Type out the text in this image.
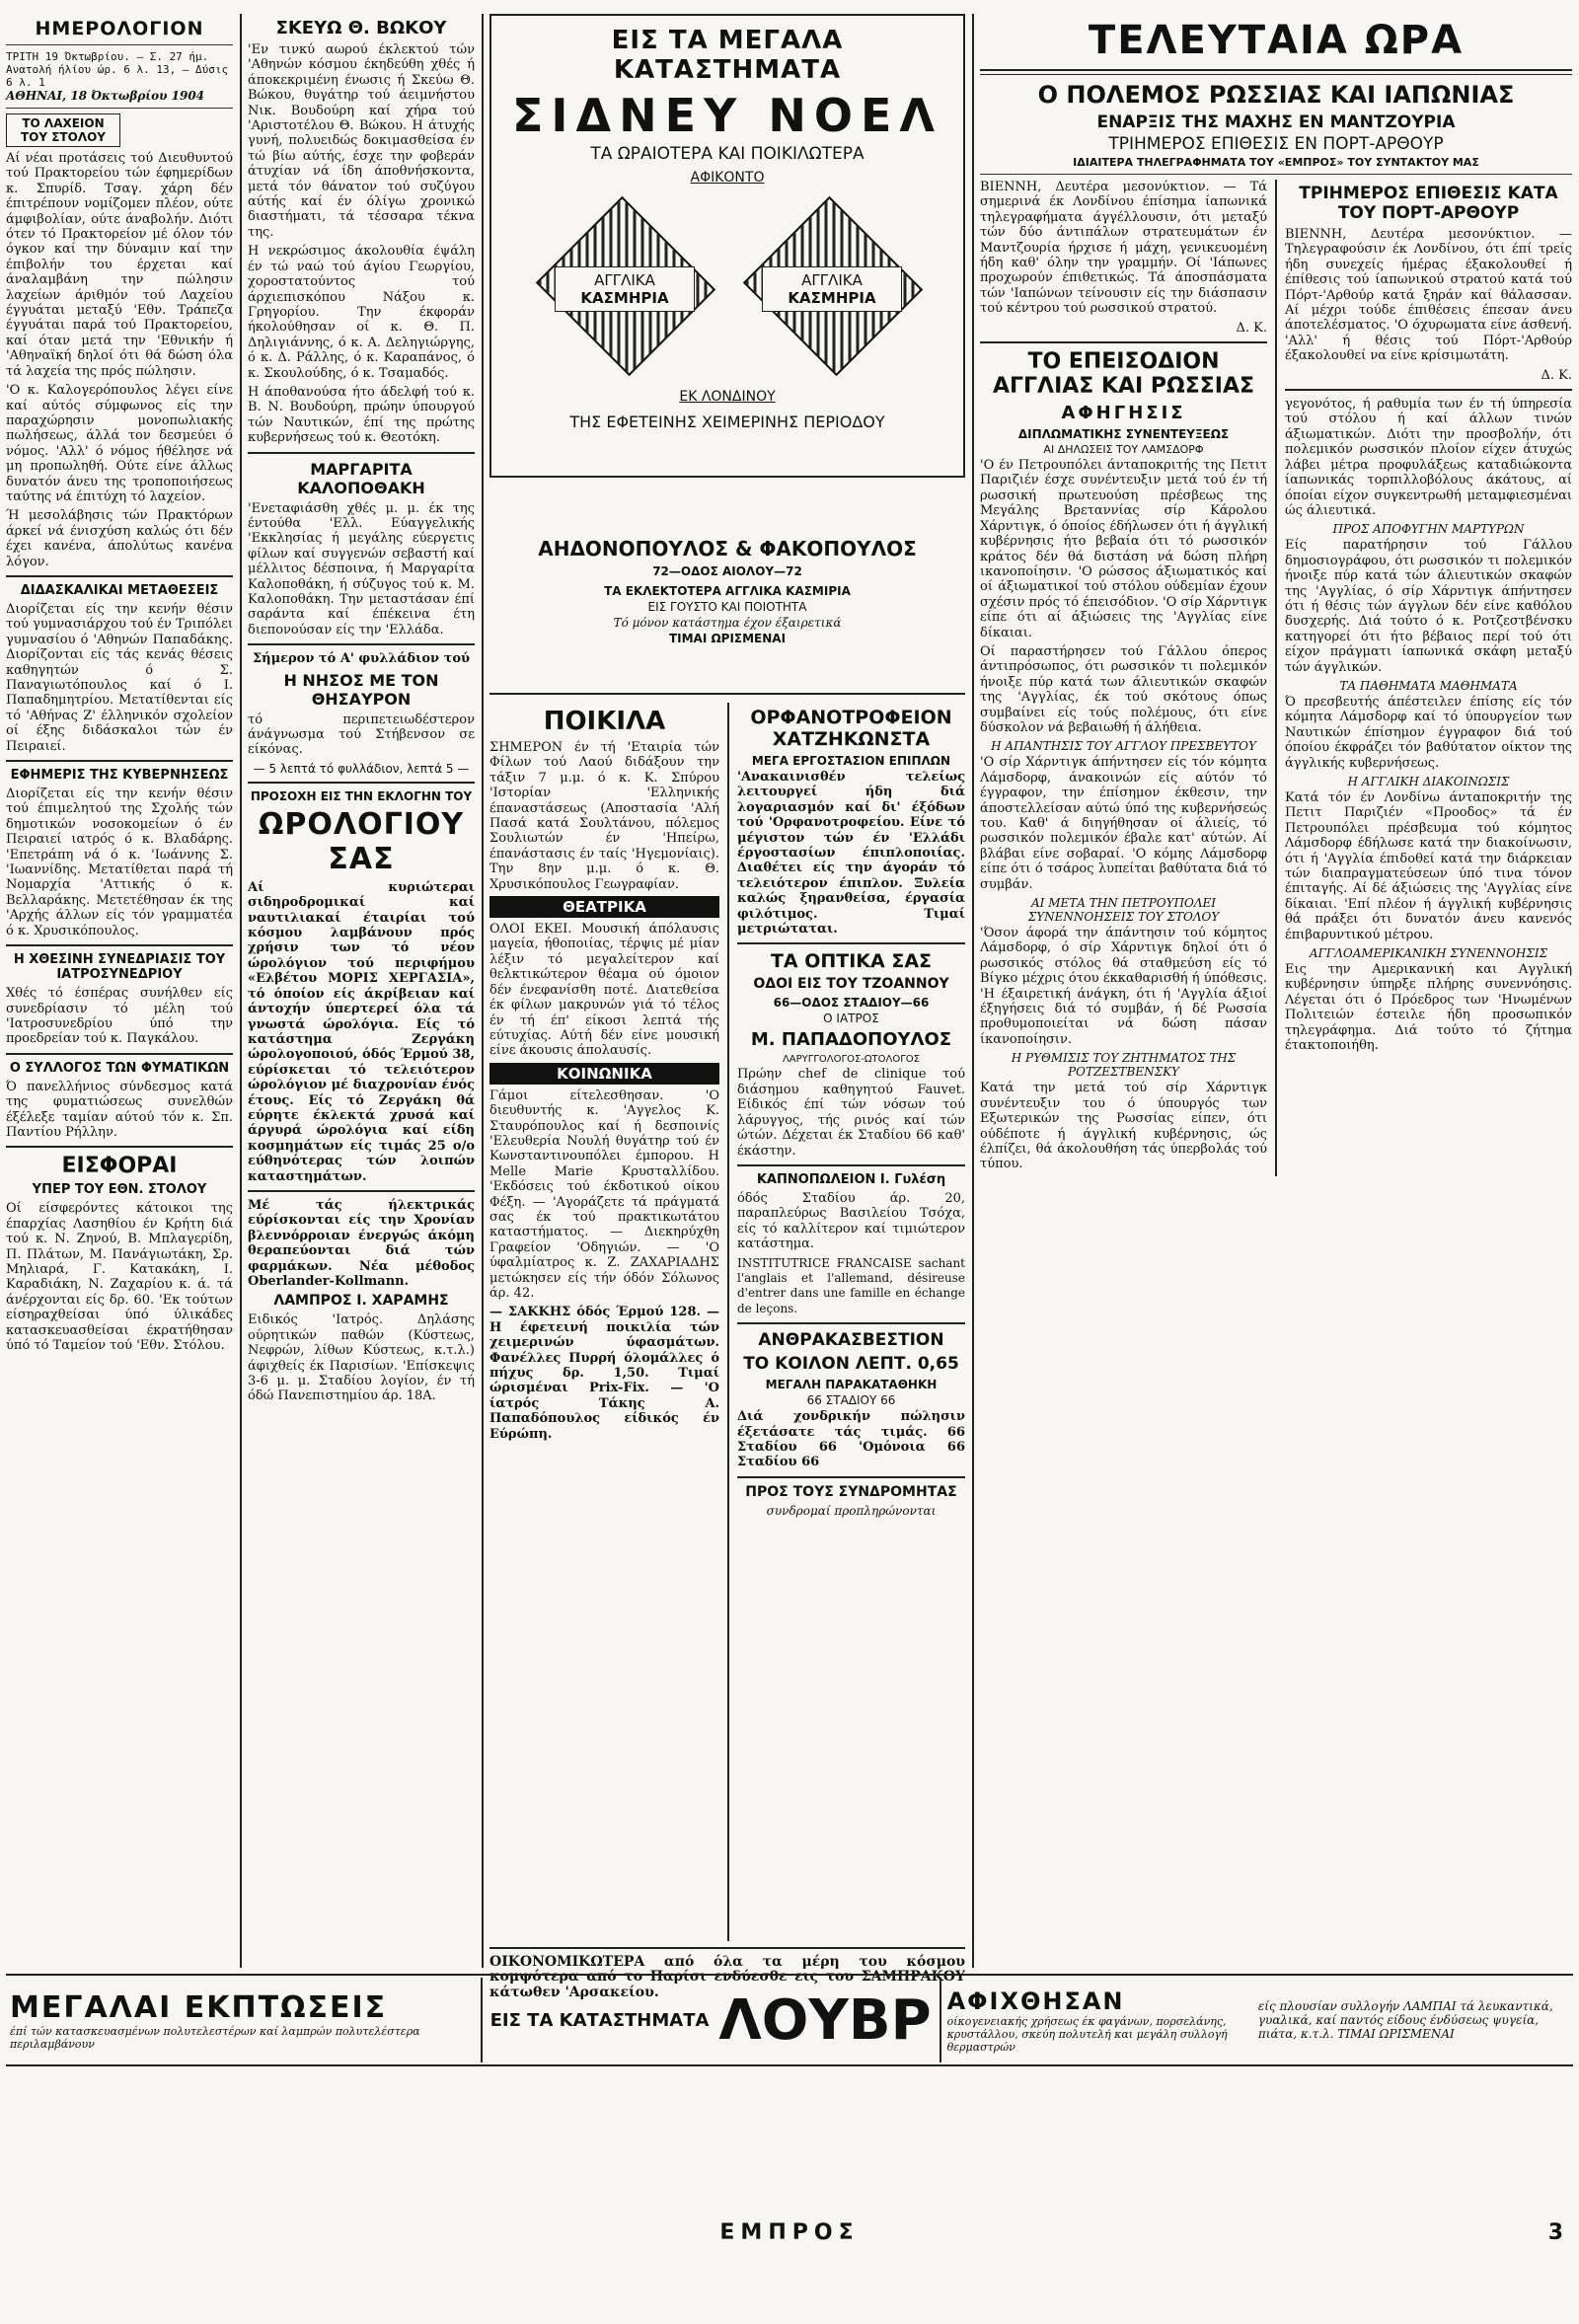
ΗΜΕΡΟΛΟΓΙΟΝ
ΤΡΙΤΗ 19 Όκτωβρίου. — Σ. 27 ήμ.
Ανατολή ήλίου ώρ. 6 λ. 13, — Δύσις 6 λ. 1
ΑΘΗΝΑΙ, 18 Όκτωβρίου 1904
ΤΟ ΛΑΧΕΙΟΝ ΤΟΥ ΣΤΟΛΟΥ

Αί νέαι προτάσεις τού Διευθυντού τού Πρακτορείου τών έφημερίδων κ. Σπυρίδ. Τσαγ. χάρη δέν έπιτρέπουν νομίζομεν πλέον, ούτε άμφιβολίαν, ούτε άναβολήν. Διότι ότεν τό Πρακτορείον μέ όλον τόν όγκον καί την δύναμιν καί την έπιβολήν του έρχεται καί άναλαμβάνη την πώλησιν λαχείων άριθμόν τού Λαχείου έγγυάται μεταξύ 'Εθν. Τράπεζα έγγυάται παρά τού Πρακτορείου, καί όταν μετά την 'Εθνικήν ή 'Αθηναϊκή δηλοί ότι θά δώση όλα τά λαχεία της πρός πώλησιν.

'Ο κ. Καλογερόπουλος λέγει είνε καί αύτός σύμφωνος είς την παραχώρησιν μονοπωλιακής πωλήσεως, άλλά τον δεσμεύει ό νόμος. 'Αλλ' ό νόμος ήθέλησε νά μη προπωληθή. Ούτε είνε άλλως δυνατόν άνευ της τροποποιήσεως ταύτης νά έπιτύχη τό λαχείον.

Ή μεσολάβησις τών Πρακτόρων άρκεί νά ένισχύση καλώς ότι δέν έχει κανένα, άπολύτως κανένα λόγον.

ΔΙΔΑΣΚΑΛΙΚΑΙ ΜΕΤΑΘΕΣΕΙΣ

Διορίζεται είς την κενήν θέσιν τού γυμνασιάρχου τού έν Τριπόλει γυμνασίου ό 'Αθηνών Παπαδάκης. Διορίζονται είς τάς κενάς θέσεις καθηγητών ό Σ. Παναγιωτόπουλος καί ό Ι. Παπαδημητρίου. Μετατίθενται είς τό 'Αθήνας Ζ' έλληνικόν σχολείον οί έξης διδάσκαλοι τών έν Πειραιεί.

ΕΦΗΜΕΡΙΣ ΤΗΣ ΚΥΒΕΡΝΗΣΕΩΣ

Διορίζεται είς την κενήν θέσιν τού έπιμελητού της Σχολής τών δημοτικών νοσοκομείων ό έν Πειραιεί ιατρός ό κ. Βλαδάρης. 'Επετράπη νά ό κ. 'Ιωάννης Σ. 'Ιωαννίδης. Μετατίθεται παρά τή Νομαρχία 'Αττικής ό κ. Βελλαράκης. Μετετέθησαν έκ της 'Αρχής άλλων είς τόν γραμματέα ό κ. Χρυσικόπουλος.

Η ΧΘΕΣΙΝΗ ΣΥΝΕΔΡΙΑΣΙΣ ΤΟΥ ΙΑΤΡΟΣΥΝΕΔΡΙΟΥ

Χθές τό έσπέρας συνήλθεν είς συνεδρίασιν τό μέλη τού 'Ιατροσυνεδρίου ύπό την προεδρείαν τού κ. Παγκάλου.

Ο ΣΥΛΛΟΓΟΣ ΤΩΝ ΦΥΜΑΤΙΚΩΝ

Ό πανελλήνιος σύνδεσμος κατά της φυματιώσεως συνελθών έξέλεξε ταμίαν αύτού τόν κ. Σπ. Παντίου Ρήλλην.

ΕΙΣΦΟΡΑΙ
ΥΠΕΡ ΤΟΥ ΕΘΝ. ΣΤΟΛΟΥ

Οί είσφερόντες κάτοικοι της έπαρχίας Λασηθίου έν Κρήτη διά τού κ. Ν. Ζηνού, Β. Μπλαγερίδη, Π. Πλάτων, Μ. Πανάγιωτάκη, Σρ. Μηλιαρά, Γ. Κατακάκη, Ι. Καραδιάκη, Ν. Ζαχαρίου κ. ά. τά άνέρχονται είς δρ. 60. 'Εκ τούτων είσηραχθείσαι ύπό ύλικάδες κατασκευασθείσαι έκρατήθησαν ύπό τό Ταμείον τού 'Εθν. Στόλου.

ΣΚΕΥΩ Θ. ΒΩΚΟΥ

'Εν τινκύ αωρού έκλεκτού τών 'Αθηνών κόσμου έκηδεύθη χθές ή άποκεκριμένη ένωσις ή Σκεύω Θ. Βώκου, θυγάτηρ τού άειμνήστου Νικ. Βουδούρη καί χήρα τού 'Αριστοτέλου Θ. Βώκου. Η άτυχής γυνή, πολυειδώς δοκιμασθείσα έν τώ βίω αύτής, έσχε την φοβεράν άτυχίαν νά ίδη άποθνήσκοντα, μετά τόν θάνατον τού συζύγου αύτής καί έν όλίγω χρονικώ διαστήματι, τά τέσσαρα τέκνα της.

Η νεκρώσιμος άκολουθία έψάλη έν τώ ναώ τού άγίου Γεωργίου, χοροστατούντος τού άρχιεπισκόπου Νάξου κ. Γρηγορίου. Την έκφοράν ήκολούθησαν οί κ. Θ. Π. Δηλιγιάννης, ό κ. Α. Δεληγιώργης, ό κ. Δ. Ράλλης, ό κ. Καραπάνος, ό κ. Σκουλούδης, ό κ. Τσαμαδός.

Η άποθανούσα ήτο άδελφή τού κ. Β. Ν. Βουδούρη, πρώην ύπουργού τών Ναυτικών, έπί της πρώτης κυβερνήσεως τού κ. Θεοτόκη.

ΜΑΡΓΑΡΙΤΑ ΚΑΛΟΠΟΘΑΚΗ

'Ενεταφιάσθη χθές μ. μ. έκ της έντούθα 'Ελλ. Εύαγγελικής 'Εκκλησίας ή μεγάλης εύεργετις φίλων καί συγγενών σεβαστή καί μέλλιτος δέσποινα, ή Μαργαρίτα Καλοποθάκη, ή σύζυγος τού κ. Μ. Καλοποθάκη. Την μεταστάσαν έπί σαράντα καί έπέκεινα έτη διεπονούσαν είς την 'Ελλάδα.

Σήμερον τό Α' φυλλάδιον τού

Η ΝΗΣΟΣ ΜΕ ΤΟΝ ΘΗΣΑΥΡΟΝ

τό περιπετειωδέστερον άνάγνωσμα τού Στήβενσον σε είκόνας.

— 5 λεπτά τό φυλλάδιον, λεπτά 5 —
ΠΡΟΣΟΧΗ ΕΙΣ ΤΗΝ ΕΚΛΟΓΗΝ ΤΟΥ
ΩΡΟΛΟΓΙΟΥ ΣΑΣ

Αί κυριώτεραι σιδηροδρομικαί καί ναυτιλιακαί έταιρίαι τού κόσμου λαμβάνουν πρός χρήσιν των τό νέον ώρολόγιον τού περιφήμου «Ελβέτου ΜΟΡΙΣ ΧΕΡΓΑΣΙΑ», τό όποίον είς άκρίβειαν καί άντοχήν ύπερτερεί όλα τά γνωστά ώρολόγια. Είς τό κατάστημα Ζεργάκη ώρολογοποιού, όδός Έρμού 38, εύρίσκεται τό τελειότερον ώρολόγιον μέ διαχρονίαν ένός έτους. Είς τό Ζεργάκη θά εύρητε έκλεκτά χρυσά καί άργυρά ώρολόγια καί είδη κοσμημάτων είς τιμάς 25 ο/ο εύθηνότερας τών λοιπών καταστημάτων.

Μέ τάς ήλεκτρικάς εύρίσκονται είς την Χρονίαν βλεννόρροιαν ένεργώς άκόμη θεραπεύονται διά τών φαρμάκων. Νέα μέθοδος Oberlander-Kollmann.

ΛΑΜΠΡΟΣ Ι. ΧΑΡΑΜΗΣ

Ειδικός 'Ιατρός. Δηλάσης ούρητικών παθών (Κύστεως, Νεφρών, λίθων Κύστεως, κ.τ.λ.) άφιχθείς έκ Παρισίων. 'Επίσκεψις 3-6 μ. μ. Σταδίου λογίον, έν τή όδώ Πανεπιστημίου άρ. 18Α.

ΕΙΣ ΤΑ ΜΕΓΑΛΑ ΚΑΤΑΣΤΗΜΑΤΑ
ΣΙΔΝΕΥ ΝΟΕΛ
ΤΑ ΩΡΑΙΟΤΕΡΑ ΚΑΙ ΠΟΙΚΙΛΩΤΕΡΑ
ΑΦΙΚΟΝΤΟ
ΑΓΓΛΙΚΑ
ΚΑΣΜΗΡΙΑ
ΑΓΓΛΙΚΑ
ΚΑΣΜΗΡΙΑ
ΕΚ ΛΟΝΔΙΝΟΥ
ΤΗΣ ΕΦΕΤΕΙΝΗΣ ΧΕΙΜΕΡΙΝΗΣ ΠΕΡΙΟΔΟΥ
ΑΗΔΟΝΟΠΟΥΛΟΣ & ΦΑΚΟΠΟΥΛΟΣ
72—ΟΔΟΣ ΑΙΟΛΟΥ—72
ΤΑ ΕΚΛΕΚΤΟΤΕΡΑ ΑΓΓΛΙΚΑ ΚΑΣΜΙΡΙΑ
ΕΙΣ ΓΟΥΣΤΟ ΚΑΙ ΠΟΙΟΤΗΤΑ
Τό μόνον κατάστημα έχον έξαιρετικά
ΤΙΜΑΙ ΩΡΙΣΜΕΝΑΙ
ΠΟΙΚΙΛΑ

ΣΗΜΕΡΟΝ έν τή 'Εταιρία τών Φίλων τού Λαού διδάξουν την τάξιν 7 μ.μ. ό κ. Κ. Σπύρου 'Ιστορίαν 'Ελληνικής έπαναστάσεως (Αποστασία 'Αλή Πασά κατά Σουλτάνου, πόλεμος Σουλιωτών έν 'Ηπείρω, έπανάστασις έν ταίς 'Ηγεμονίαις). Την 8ην μ.μ. ό κ. Θ. Χρυσικόπουλος Γεωγραφίαν.

ΘΕΑΤΡΙΚΑ

ΟΛΟΙ ΕΚΕΙ. Μουσική άπόλαυσις μαγεία, ήθοποιίας, τέρψις μέ μίαν λέξιν τό μεγαλείτερον καί θελκτικώτερον θέαμα ού όμοιον δέν ένεφανίσθη ποτέ. Διατεθείσα έκ φίλων μακρυνών γιά τό τέλος έν τή έπ' είκοσι λεπτά τής εύτυχίας. Αύτή δέν είνε μουσική είνε άκουσις άπολαυσίς.

ΚΟΙΝΩΝΙΚΑ

Γάμοι είτελεσθησαν. 'Ο διευθυντής κ. 'Αγγελος Κ. Σταυρόπουλος καί ή δεσποινίς 'Ελευθερία Νουλή θυγάτηρ τού έν Κωνσταντινουπόλει έμπορου. Η Melle Marie Κρυσταλλίδου. 'Εκδόσεις τού έκδοτικού οίκου Φέξη. — 'Αγοράζετε τά πράγματά σας έκ τού πρακτικωτάτου καταστήματος. — Διεκηρύχθη Γραφείον 'Οδηγιών. — 'Ο ύφαλμίατρος κ. Ζ. ΖΑΧΑΡΙΑΔΗΣ μετώκησεν είς τήν όδόν Σόλωνος άρ. 42.

— ΣΑΚΚΗΣ όδός Έρμού 128. — Η έφετεινή ποικιλία τών χειμερινών ύφασμάτων. Φανέλλες Πυρρή όλομάλλες ό πήχυς δρ. 1,50. Τιμαί ώρισμέναι Prix-Fix. — 'Ο ίατρός Τάκης Α. Παπαδόπουλος είδικός έν Εύρώπη.

ΟΡΦΑΝΟΤΡΟΦΕΙΟΝ ΧΑΤΖΗΚΩΝΣΤΑ
ΜΕΓΑ ΕΡΓΟΣΤΑΣΙΟΝ ΕΠΙΠΛΩΝ

'Ανακαινισθέν τελείως λειτουργεί ήδη διά λογαριασμόν καί δι' έξόδων τού 'Ορφανοτροφείου. Είνε τό μέγιστον τών έν 'Ελλάδι έργοστασίων έπιπλοποιίας. Διαθέτει είς την άγοράν τό τελειότερον έπιπλον. Ξυλεία καλώς ξηρανθείσα, έργασία φιλότιμος. Τιμαί μετριώταται.

ΤΑ ΟΠΤΙΚΑ ΣΑΣ
ΟΔΟΙ ΕΙΣ ΤΟΥ ΤΖΟΑΝΝΟΥ
66—ΟΔΟΣ ΣΤΑΔΙΟΥ—66
Ο ΙΑΤΡΟΣ
Μ. ΠΑΠΑΔΟΠΟΥΛΟΣ
ΛΑΡΥΓΓΟΛΟΓΟΣ-ΩΤΟΛΟΓΟΣ

Πρώην chef de clinique τού διάσημου καθηγητού Fauvet. Είδικός έπί τών νόσων τού λάρυγγος, τής ρινός καί τών ώτών. Δέχεται έκ Σταδίου 66 καθ' έκάστην.

ΚΑΠΝΟΠΩΛΕΙΟΝ Ι. Γυλέση

όδός Σταδίου άρ. 20, παραπλεύρως Βασιλείου Τσόχα, είς τό καλλίτερον καί τιμιώτερον κατάστημα.

INSTITUTRICE FRANCAISE sachant l'anglais et l'allemand, désireuse d'entrer dans une famille en échange de leçons.

ΑΝΘΡΑΚΑΣΒΕΣΤΙΟΝ
ΤΟ ΚΟΙΛΟΝ ΛΕΠΤ. 0,65
ΜΕΓΑΛΗ ΠΑΡΑΚΑΤΑΘΗΚΗ
66 ΣΤΑΔΙΟΥ 66

Διά χονδρικήν πώλησιν έξετάσατε τάς τιμάς. 66 Σταδίου 66 'Ομόνοια 66 Σταδίου 66

ΠΡΟΣ ΤΟΥΣ ΣΥΝΔΡΟΜΗΤΑΣ
συνδρομαί προπληρώνονται

ΟΙΚΟΝΟΜΙΚΩΤΕΡΑ από όλα τα μέρη του κόσμου κομψότερα από το Παρίσι ενδύεσθε εις του ΣΑΜΠΡΑΚΟΥ κάτωθεν 'Αρσακείου.

ΤΕΛΕΥΤΑΙΑ ΩΡΑ
Ο ΠΟΛΕΜΟΣ ΡΩΣΣΙΑΣ ΚΑΙ ΙΑΠΩΝΙΑΣ
ΕΝΑΡΞΙΣ ΤΗΣ ΜΑΧΗΣ ΕΝ ΜΑΝΤΖΟΥΡΙΑ
ΤΡΙΗΜΕΡΟΣ ΕΠΙΘΕΣΙΣ ΕΝ ΠΟΡΤ-ΑΡΘΟΥΡ
ΙΔΙΑΙΤΕΡΑ ΤΗΛΕΓΡΑΦΗΜΑΤΑ ΤΟΥ «ΕΜΠΡΟΣ» ΤΟΥ ΣΥΝΤΑΚΤΟΥ ΜΑΣ

ΒΙΕΝΝΗ, Δευτέρα μεσονύκτιον. — Τά σημερινά έκ Λονδίνου έπίσημα ίαπωνικά τηλεγραφήματα άγγέλλουσιν, ότι μεταξύ τών δύο άντιπάλων στρατευμάτων έν Μαντζουρία ήρχισε ή μάχη, γενικευομένη ήδη καθ' όλην την γραμμήν. Οί 'Ιάπωνες προχωρούν έπιθετικώς. Τά άποσπάσματα τών 'Ιαπώνων τείνουσιν είς την διάσπασιν τού κέντρου τού ρωσσικού στρατού.

Δ. Κ.

ΤΟ ΕΠΕΙΣΟΔΙΟΝ ΑΓΓΛΙΑΣ ΚΑΙ ΡΩΣΣΙΑΣ
ΑΦΗΓΗΣΙΣ
ΔΙΠΛΩΜΑΤΙΚΗΣ ΣΥΝΕΝΤΕΥΞΕΩΣ
ΑΙ ΔΗΛΩΣΕΙΣ ΤΟΥ ΛΑΜΣΔΟΡΦ

'Ο έν Πετρουπόλει άνταποκριτής της Πετιτ Παριζιέν έσχε συνέντευξιν μετά τού έν τή ρωσσική πρωτευούση πρέσβεως της Μεγάλης Βρεταννίας σίρ Κάρολου Χάρντιγκ, ό όποίος έδήλωσεν ότι ή άγγλική κυβέρνησις ήτο βεβαία ότι τό ρωσσικόν κράτος δέν θά διστάση νά δώση πλήρη ικανοποίησιν. 'Ο ρώσσος άξιωματικός καί οί άξιωματικοί τού στόλου ούδεμίαν έχουν σχέσιν πρός τό έπεισόδιον. 'Ο σίρ Χάρντιγκ είπε ότι αί άξιώσεις της 'Αγγλίας είνε δίκαιαι.

Οί παραστήρησεν τού Γάλλου όπερος άντιπρόσωπος, ότι ρωσσικόν τι πολεμικόν ήνοιξε πύρ κατά των άλιευτικών σκαφών της 'Αγγλίας, έκ τού σκότους όπως συμβαίνει είς τούς πολέμους, ότι είνε δύσκολον νά βεβαιωθή ή άλήθεια.

Η ΑΠΑΝΤΗΣΙΣ ΤΟΥ ΑΓΓΛΟΥ ΠΡΕΣΒΕΥΤΟΥ

'Ο σίρ Χάρντιγκ άπήντησεν είς τόν κόμητα Λάμσδορφ, άνακοινών είς αύτόν τό έγγραφον, την έπίσημον έκθεσιν, την άποστελλείσαν αύτώ ύπό της κυβερνήσεώς του. Καθ' ά διηγήθησαν οί άλιείς, τό ρωσσικόν πολεμικόν έβαλε κατ' αύτών. Αί βλάβαι είνε σοβαραί. 'Ο κόμης Λάμσδορφ είπε ότι ό τσάρος λυπείται βαθύτατα διά τό συμβάν.

ΑΙ ΜΕΤΑ ΤΗΝ ΠΕΤΡΟΥΠΟΛΕΙ ΣΥΝΕΝΝΟΗΣΕΙΣ ΤΟΥ ΣΤΟΛΟΥ

'Όσον άφορά την άπάντησιν τού κόμητος Λάμσδορφ, ό σίρ Χάρντιγκ δηλοί ότι ό ρωσσικός στόλος θά σταθμεύση είς τό Βίγκο μέχρις ότου έκκαθαρισθή ή ύπόθεσις. 'Η έξαιρετική άνάγκη, ότι ή 'Αγγλία άξιοί έξηγήσεις διά τό συμβάν, ή δέ Ρωσσία προθυμοποιείται νά δώση πάσαν ίκανοποίησιν.

Η ΡΥΘΜΙΣΙΣ ΤΟΥ ΖΗΤΗΜΑΤΟΣ ΤΗΣ ΡΟΤΖΕΣΤΒΕΝΣΚΥ

Κατά την μετά τού σίρ Χάρντιγκ συνέντευξιν του ό ύπουργός των Εξωτερικών της Ρωσσίας είπεν, ότι ούδέποτε ή άγγλική κυβέρνησις, ώς έλπίζει, θά άκολουθήση τάς ύπερβολάς τού τύπου.

ΤΡΙΗΜΕΡΟΣ ΕΠΙΘΕΣΙΣ ΚΑΤΑ ΤΟΥ ΠΟΡΤ-ΑΡΘΟΥΡ

ΒΙΕΝΝΗ, Δευτέρα μεσονύκτιον. — Τηλεγραφούσιν έκ Λονδίνου, ότι έπί τρείς ήδη συνεχείς ήμέρας έξακολουθεί ή έπίθεσις τού ίαπωνικού στρατού κατά τού Πόρτ-'Αρθούρ κατά ξηράν καί θάλασσαν. Αί μέχρι τούδε έπιθέσεις έπεσαν άνευ άποτελέσματος. 'Ο όχυρωματα είνε άσθενή. 'Αλλ' ή θέσις τού Πόρτ-'Αρθούρ έξακολουθεί να είνε κρίσιμωτάτη.

Δ. Κ.

γεγονότος, ή ραθυμία των έν τή ύπηρεσία τού στόλου ή καί άλλων τινών άξιωματικών. Διότι την προσβολήν, ότι πολεμικόν ρωσσικόν πλοίον είχεν άτυχώς λάβει μέτρα προφυλάξεως καταδιώκοντα ίαπωνικάς τορπιλλοβόλους άκάτους, αί όποίαι είχον συγκεντρωθή μεταμφιεσμέναι ώς άλιευτικά.

ΠΡΟΣ ΑΠΟΦΥΓΗΝ ΜΑΡΤΥΡΩΝ

Είς παρατήρησιν τού Γάλλου δημοσιογράφου, ότι ρωσσικόν τι πολεμικόν ήνοιξε πύρ κατά τών άλιευτικών σκαφών της 'Αγγλίας, ό σίρ Χάρντιγκ άπήντησεν ότι ή θέσις τών άγγλων δέν είνε καθόλου δυσχερής. Διά τούτο ό κ. Ροτζεστβένσκυ κατηγορεί ότι ήτο βέβαιος περί τού ότι είχον πράγματι ίαπωνικά σκάφη μεταξύ τών άγγλικών.

ΤΑ ΠΑΘΗΜΑΤΑ ΜΑΘΗΜΑΤΑ

Ό πρεσβευτής άπέστειλεν έπίσης είς τόν κόμητα Λάμσδορφ καί τό ύπουργείον των Ναυτικών έπίσημον έγγραφον διά τού όποίου έκφράζει τόν βαθύτατον οίκτον της άγγλικής κυβερνήσεως.

Η ΑΓΓΛΙΚΗ ΔΙΑΚΟΙΝΩΣΙΣ

Κατά τόν έν Λονδίνω άνταποκριτήν της Πετιτ Παριζιέν «Προοδος» τά έν Πετρουπόλει πρέσβευμα τού κόμητος Λάμσδορφ έδήλωσε κατά την διακοίνωσιν, ότι ή 'Αγγλία έπιδοθεί κατά την διάρκειαν τών διαπραγματεύσεων ύπό τινα τόνον έπιταγής. Αί δέ άξιώσεις της 'Αγγλίας είνε δίκαιαι. 'Επί πλέον ή άγγλική κυβέρνησις θά πράξει ότι δυνατόν άνευ κανενός έπιβαρυντικού μέτρου.

ΑΓΓΛΟΑΜΕΡΙΚΑΝΙΚΗ ΣΥΝΕΝΝΟΗΣΙΣ

Εις την Αμερικανική και Αγγλική κυβέρνησιν ύπηρξε πλήρης συνεννόησις. Λέγεται ότι ό Πρόεδρος των 'Ηνωμένων Πολιτειών έστειλε ήδη προσωπικόν τηλεγράφημα. Διά τούτο τό ζήτημα έτακτοποιήθη.

ΜΕΓΑΛΑΙ ΕΚΠΤΩΣΕΙΣ
έπί τών κατασκευασμένων πολυτελεστέρων καί λαμπρών πολυτελέστερα περιλαμβάνουν
ΕΙΣ ΤΑ ΚΑΤΑΣΤΗΜΑΤΑ ΛΟΥΒΡ ΑΦΙΧΘΗΣΑΝ
οίκογενειακής χρήσεως έκ φαγάνων, πορσελάνης, κρυστάλλου, σκεύη πολυτελή και μεγάλη συλλογή θερμαστρών
είς πλουσίαν συλλογήν ΛΑΜΠΑΙ τά λευκαντικά, γυαλικά, καί παντός είδους ένδύσεως ψυγεία, πιάτα, κ.τ.λ. ΤΙΜΑΙ ΩΡΙΣΜΕΝΑΙ
ΕΜΠΡΟΣ	3
